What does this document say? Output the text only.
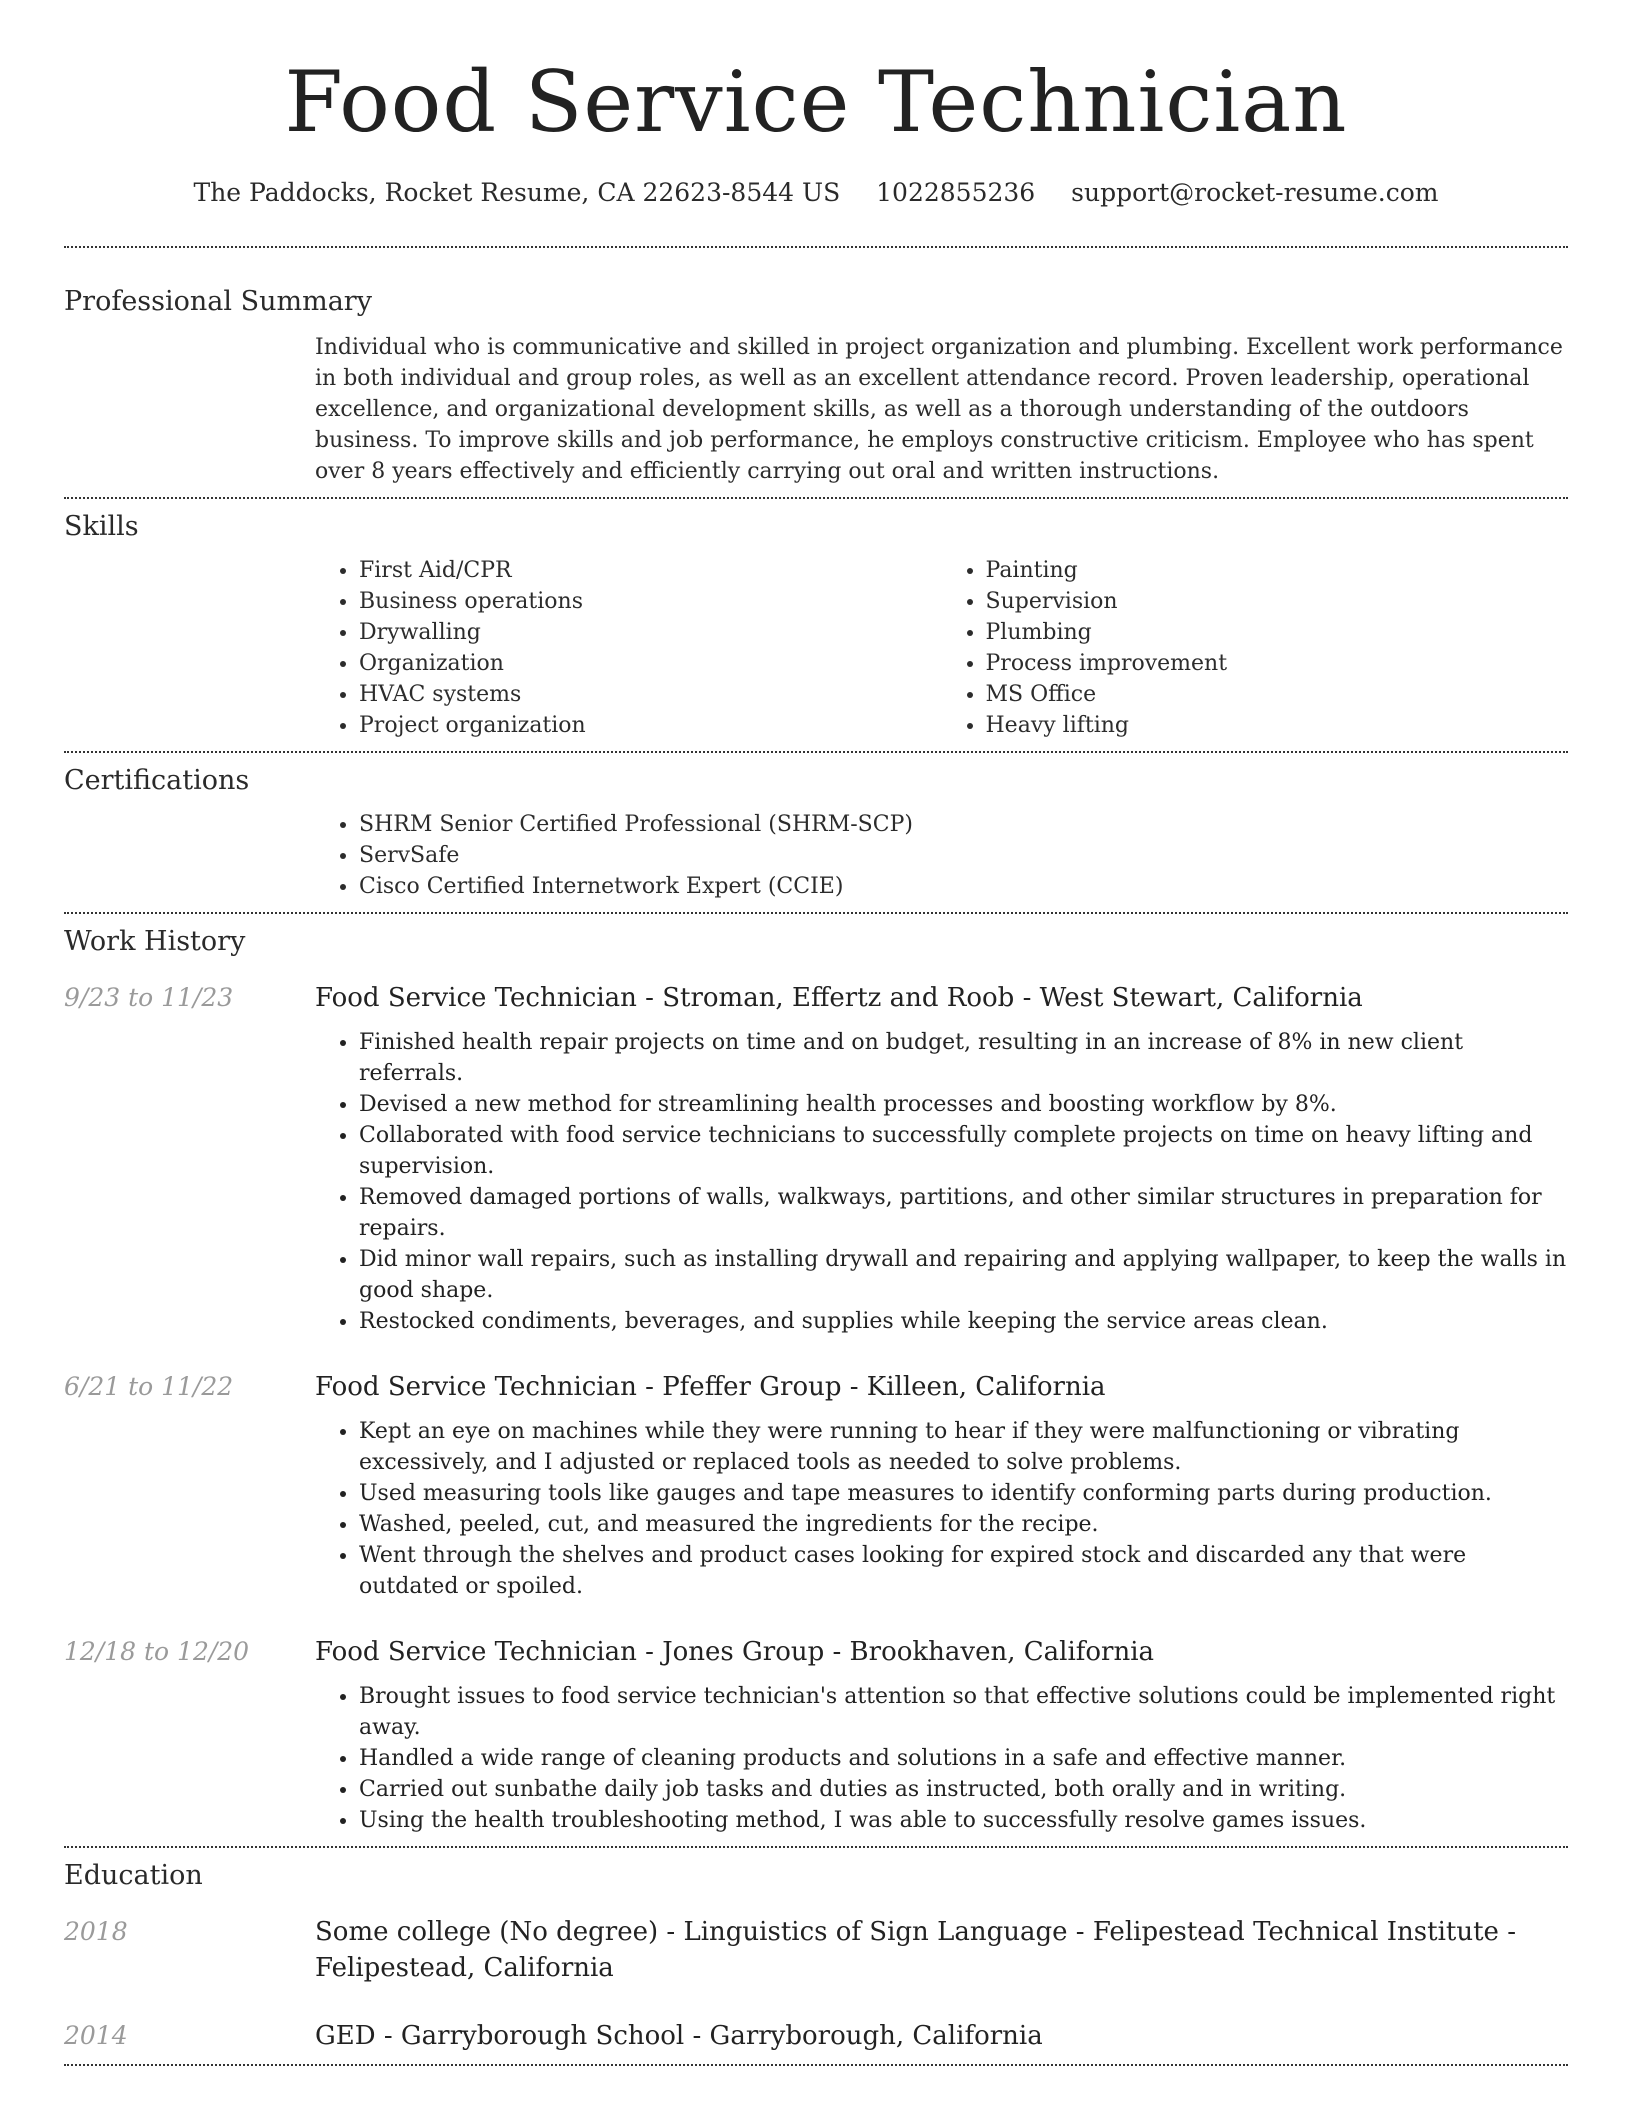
Food Service Technician
The Paddocks, Rocket Resume, CA 22623-8544 US 1022855236 support@rocket-resume.com
Professional Summary
Individual who is communicative and skilled in project organization and plumbing. Excellent work performance in both individual and group roles, as well as an excellent attendance record. Proven leadership, operational excellence, and organizational development skills, as well as a thorough understanding of the outdoors business. To improve skills and job performance, he employs constructive criticism. Employee who has spent over 8 years effectively and efficiently carrying out oral and written instructions.
Skills
• First Aid/CPR
• Business operations
• Drywalling
• Organization
• HVAC systems
• Project organization
• Painting
• Supervision
• Plumbing
• Process improvement
• MS Office
• Heavy lifting
Certifications
• SHRM Senior Certified Professional (SHRM-SCP)
• ServSafe
• Cisco Certified Internetwork Expert (CCIE)
Work History
9/23 to 11/23	Food Service Technician - Stroman, Effertz and Roob - West Stewart, California
• Finished health repair projects on time and on budget, resulting in an increase of 8% in new client referrals.
• Devised a new method for streamlining health processes and boosting workflow by 8%.
• Collaborated with food service technicians to successfully complete projects on time on heavy lifting and supervision.
• Removed damaged portions of walls, walkways, partitions, and other similar structures in preparation for repairs.
• Did minor wall repairs, such as installing drywall and repairing and applying wallpaper, to keep the walls in good shape.
• Restocked condiments, beverages, and supplies while keeping the service areas clean.
6/21 to 11/22	Food Service Technician - Pfeffer Group - Killeen, California
• Kept an eye on machines while they were running to hear if they were malfunctioning or vibrating excessively, and I adjusted or replaced tools as needed to solve problems.
• Used measuring tools like gauges and tape measures to identify conforming parts during production.
• Washed, peeled, cut, and measured the ingredients for the recipe.
• Went through the shelves and product cases looking for expired stock and discarded any that were outdated or spoiled.
12/18 to 12/20	Food Service Technician - Jones Group - Brookhaven, California
• Brought issues to food service technician's attention so that effective solutions could be implemented right away.
• Handled a wide range of cleaning products and solutions in a safe and effective manner.
• Carried out sunbathe daily job tasks and duties as instructed, both orally and in writing.
• Using the health troubleshooting method, I was able to successfully resolve games issues.
Education
2018	Some college (No degree) - Linguistics of Sign Language - Felipestead Technical Institute - Felipestead, California
2014	GED - Garryborough School - Garryborough, California
